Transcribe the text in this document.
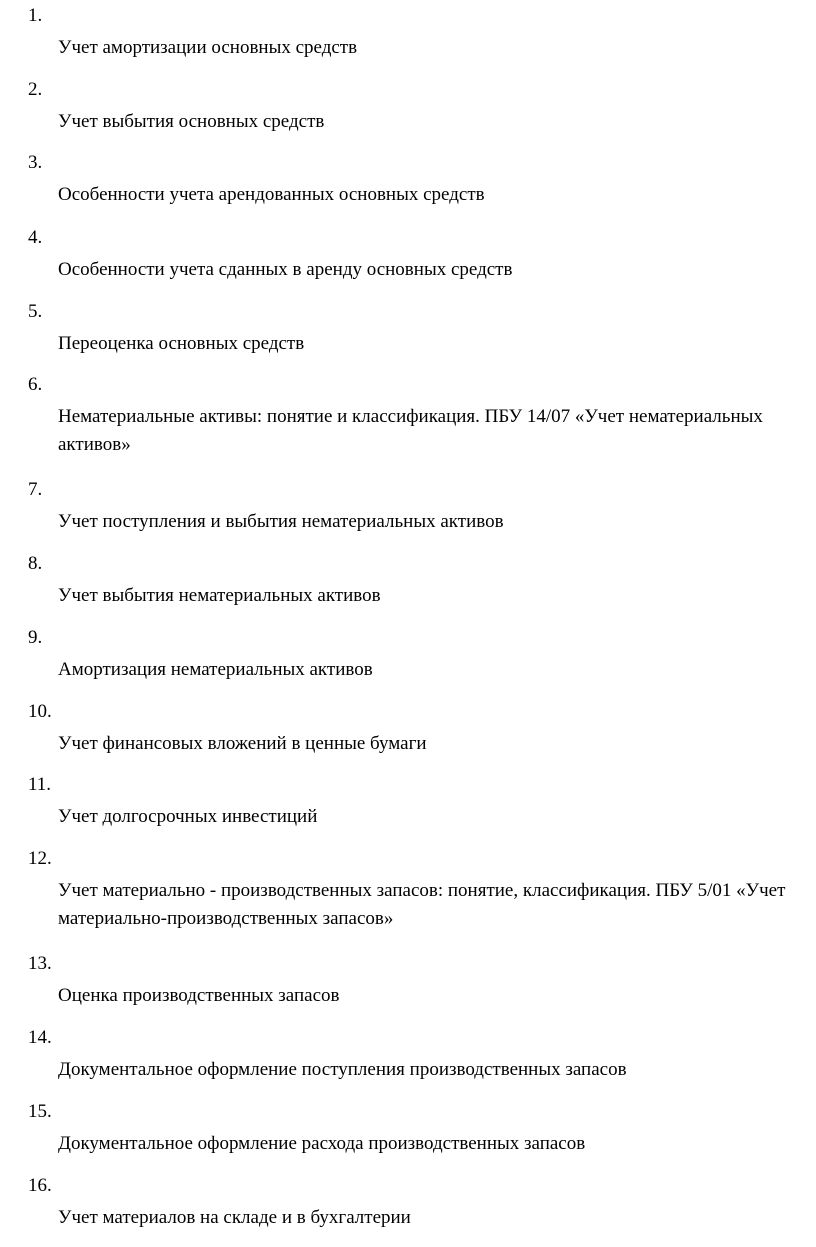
1.
Учет амортизации основных средств
2.
Учет выбытия основных средств
3.
Особенности учета арендованных основных средств
4.
Особенности учета сданных в аренду основных средств
5.
Переоценка основных средств
6.
Нематериальные активы: понятие и классификация. ПБУ 14/07 «Учет нематериальных активов»
7.
Учет поступления и выбытия нематериальных активов
8.
Учет выбытия нематериальных активов
9.
Амортизация нематериальных активов
10.
Учет финансовых вложений в ценные бумаги
11.
Учет долгосрочных инвестиций
12.
Учет материально - производственных запасов: понятие, классификация. ПБУ 5/01 «Учет материально-производственных запасов»
13.
Оценка производственных запасов
14.
Документальное оформление поступления производственных запасов
15.
Документальное оформление расхода производственных запасов
16.
Учет материалов на складе и в бухгалтерии
